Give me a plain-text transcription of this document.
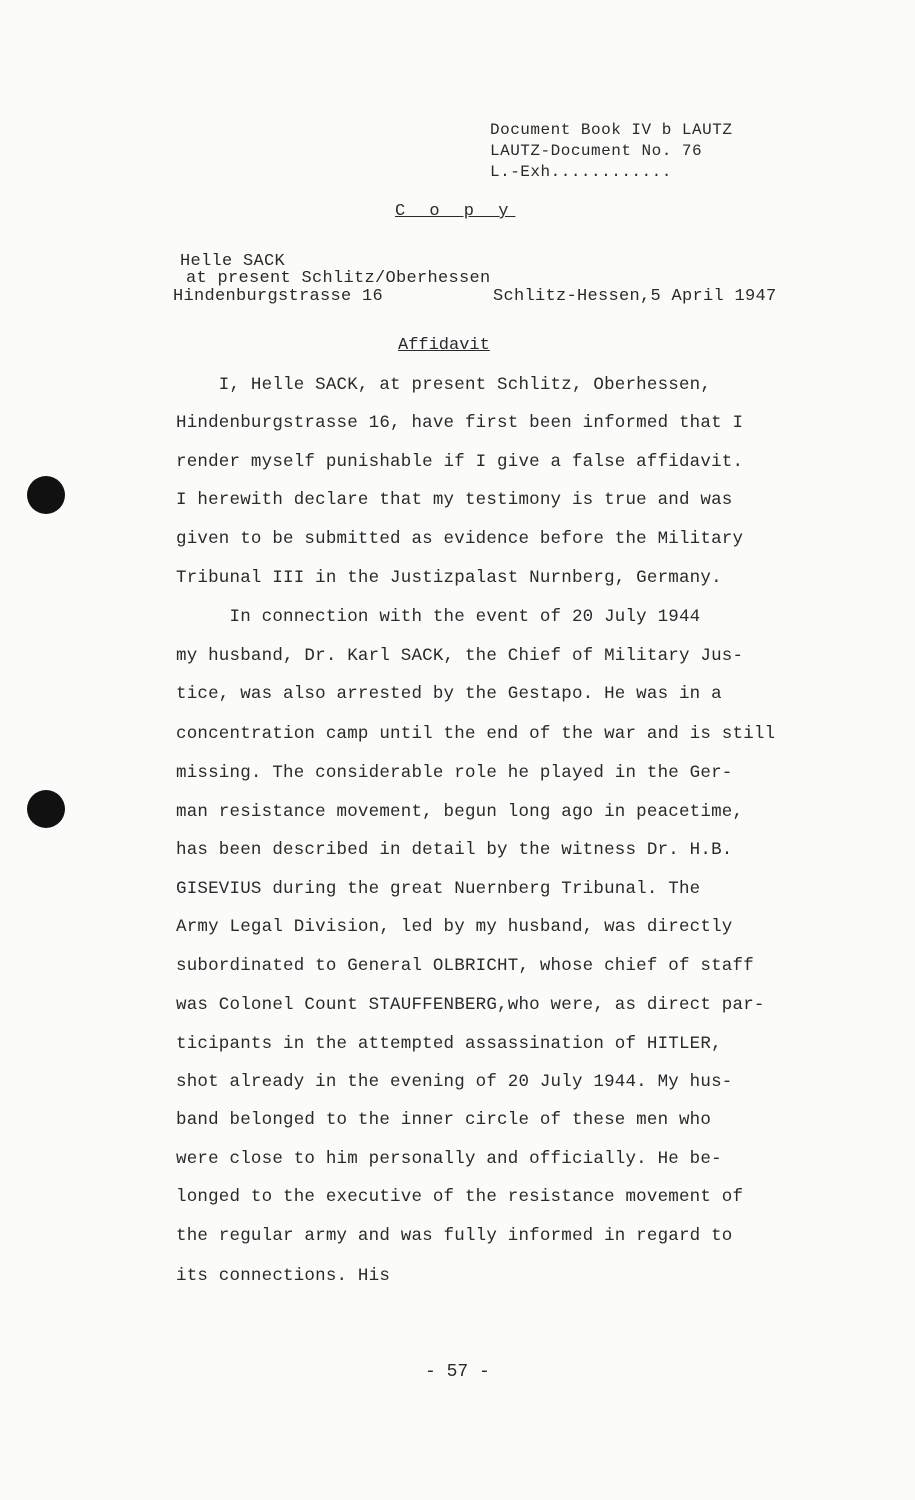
Document Book IV b LAUTZ
LAUTZ-Document No. 76
L.-Exh............
C o p y
Helle SACK
at present Schlitz/Oberhessen
Hindenburgstrasse 16	Schlitz-Hessen,5 April 1947
Affidavit
I, Helle SACK, at present Schlitz, Oberhessen,
Hindenburgstrasse 16, have first been informed that I
render myself punishable if I give a false affidavit.
I herewith declare that my testimony is true and was
given to be submitted as evidence before the Military
Tribunal III in the Justizpalast Nurnberg, Germany.
In connection with the event of 20 July 1944
my husband, Dr. Karl SACK, the Chief of Military Jus-
tice, was also arrested by the Gestapo. He was in a
concentration camp until the end of the war and is still
missing. The considerable role he played in the Ger-
man resistance movement, begun long ago in peacetime,
has been described in detail by the witness Dr. H.B.
GISEVIUS during the great Nuernberg Tribunal. The
Army Legal Division, led by my husband, was directly
subordinated to General OLBRICHT, whose chief of staff
was Colonel Count STAUFFENBERG,who were, as direct par-
ticipants in the attempted assassination of HITLER,
shot already in the evening of 20 July 1944. My hus-
band belonged to the inner circle of these men who
were close to him personally and officially. He be-
longed to the executive of the resistance movement of
the regular army and was fully informed in regard to
its connections. His
- 57 -
